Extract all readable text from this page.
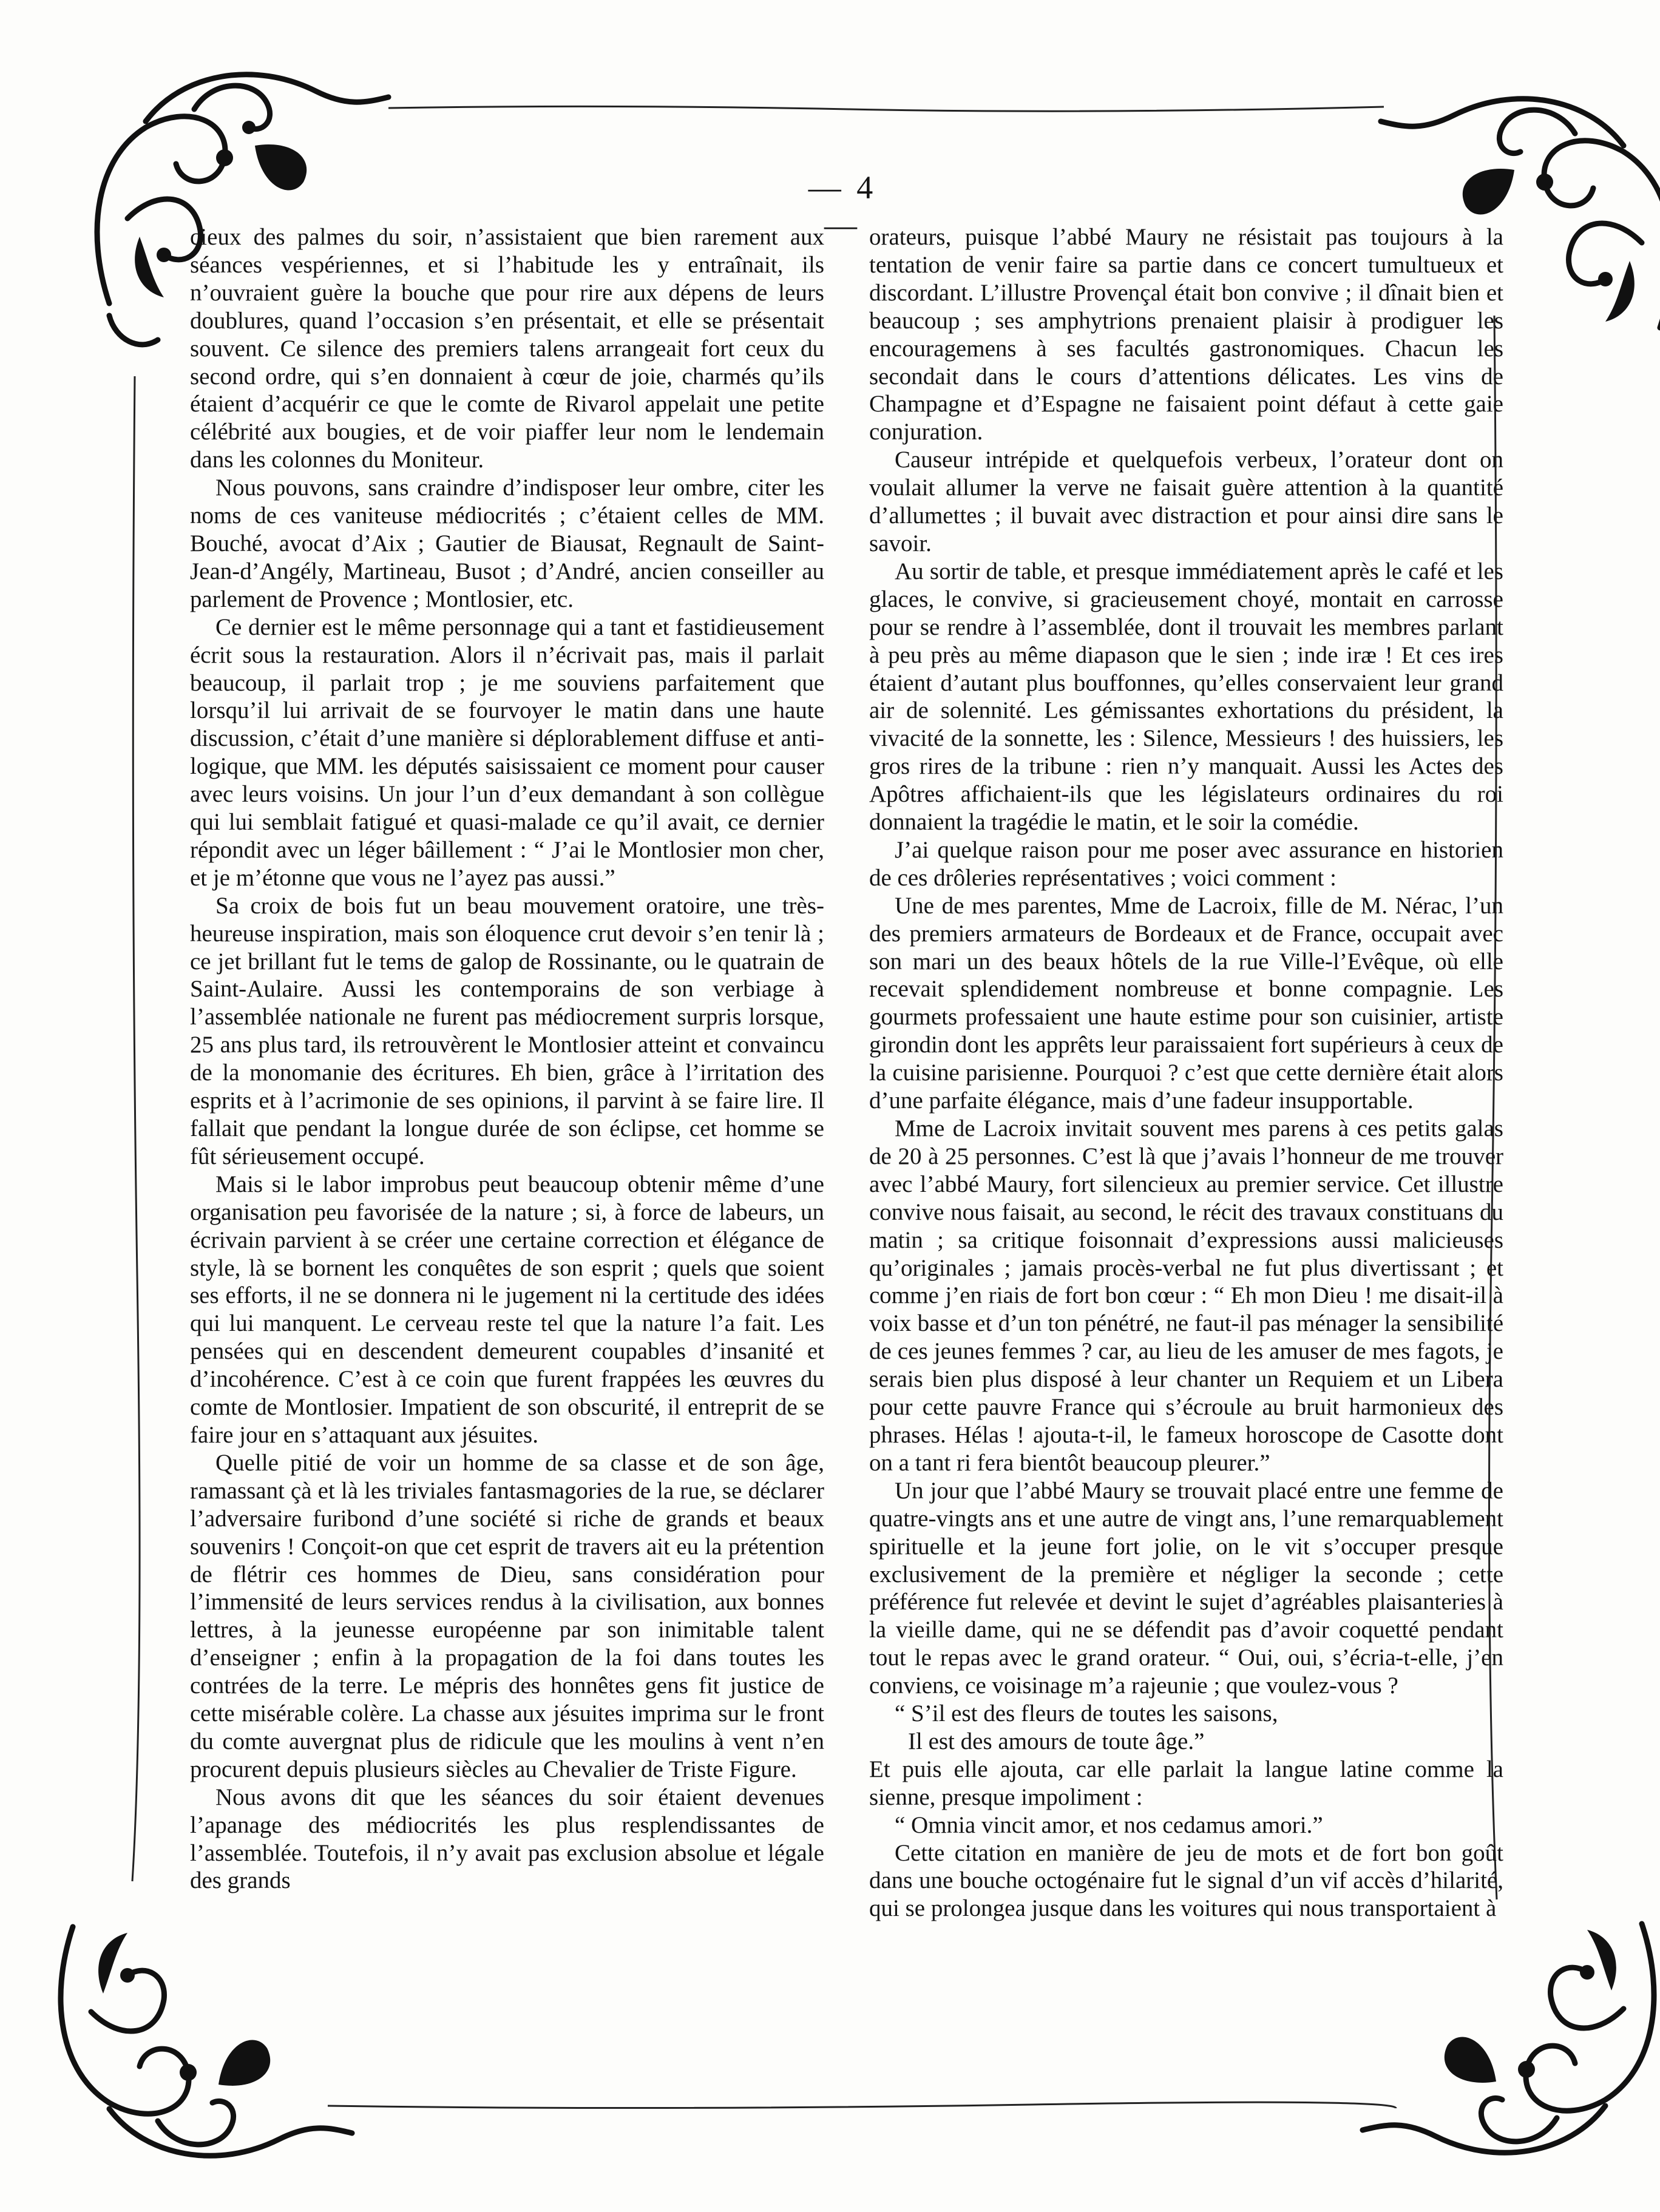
— 4 —

cieux des palmes du soir, n’assistaient que bien rarement aux séances vespériennes, et si l’habitude les y entraînait, ils n’ouvraient guère la bouche que pour rire aux dépens de leurs doublures, quand l’occasion s’en présentait, et elle se présentait souvent. Ce silence des premiers talens arrangeait fort ceux du second ordre, qui s’en donnaient à cœur de joie, charmés qu’ils étaient d’acquérir ce que le comte de Rivarol appelait une petite célébrité aux bougies, et de voir piaffer leur nom le lendemain dans les colonnes du Moniteur.

Nous pouvons, sans craindre d’indisposer leur ombre, citer les noms de ces vaniteuse médiocrités ; c’étaient celles de MM. Bouché, avocat d’Aix ; Gautier de Biausat, Regnault de Saint-Jean-d’Angély, Martineau, Busot ; d’André, ancien conseiller au parlement de Provence ; Montlosier, etc.

Ce dernier est le même personnage qui a tant et fastidieusement écrit sous la restauration. Alors il n’écrivait pas, mais il parlait beaucoup, il parlait trop ; je me souviens parfaitement que lorsqu’il lui arrivait de se fourvoyer le matin dans une haute discussion, c’était d’une manière si déplorablement diffuse et anti-logique, que MM. les députés saisissaient ce moment pour causer avec leurs voisins. Un jour l’un d’eux demandant à son collègue qui lui semblait fatigué et quasi-malade ce qu’il avait, ce dernier répondit avec un léger bâillement : “ J’ai le Montlosier mon cher, et je m’étonne que vous ne l’ayez pas aussi.”

Sa croix de bois fut un beau mouvement oratoire, une très-heureuse inspiration, mais son éloquence crut devoir s’en tenir là ; ce jet brillant fut le tems de galop de Rossinante, ou le quatrain de Saint-Aulaire. Aussi les contemporains de son verbiage à l’assemblée nationale ne furent pas médiocrement surpris lorsque, 25 ans plus tard, ils retrouvèrent le Montlosier atteint et convaincu de la monomanie des écritures. Eh bien, grâce à l’irritation des esprits et à l’acrimonie de ses opinions, il parvint à se faire lire. Il fallait que pendant la longue durée de son éclipse, cet homme se fût sérieusement occupé.

Mais si le labor improbus peut beaucoup obtenir même d’une organisation peu favorisée de la nature ; si, à force de labeurs, un écrivain parvient à se créer une certaine correction et élégance de style, là se bornent les conquêtes de son esprit ; quels que soient ses efforts, il ne se donnera ni le jugement ni la certitude des idées qui lui manquent. Le cerveau reste tel que la nature l’a fait. Les pensées qui en descendent demeurent coupables d’insanité et d’incohérence. C’est à ce coin que furent frappées les œuvres du comte de Montlosier. Impatient de son obscurité, il entreprit de se faire jour en s’attaquant aux jésuites.

Quelle pitié de voir un homme de sa classe et de son âge, ramassant çà et là les triviales fantasmagories de la rue, se déclarer l’adversaire furibond d’une société si riche de grands et beaux souvenirs ! Conçoit-on que cet esprit de travers ait eu la prétention de flétrir ces hommes de Dieu, sans considération pour l’immensité de leurs services rendus à la civilisation, aux bonnes lettres, à la jeunesse européenne par son inimitable talent d’enseigner ; enfin à la propagation de la foi dans toutes les contrées de la terre. Le mépris des honnêtes gens fit justice de cette misérable colère. La chasse aux jésuites imprima sur le front du comte auvergnat plus de ridicule que les moulins à vent n’en procurent depuis plusieurs siècles au Chevalier de Triste Figure.

Nous avons dit que les séances du soir étaient devenues l’apanage des médiocrités les plus resplendissantes de l’assemblée. Toutefois, il n’y avait pas exclusion absolue et légale des grands

orateurs, puisque l’abbé Maury ne résistait pas toujours à la tentation de venir faire sa partie dans ce concert tumultueux et discordant. L’illustre Provençal était bon convive ; il dînait bien et beaucoup ; ses amphytrions prenaient plaisir à prodiguer les encouragemens à ses facultés gastronomiques. Chacun les secondait dans le cours d’attentions délicates. Les vins de Champagne et d’Espagne ne faisaient point défaut à cette gaie conjuration.

Causeur intrépide et quelquefois verbeux, l’orateur dont on voulait allumer la verve ne faisait guère attention à la quantité d’allumettes ; il buvait avec distraction et pour ainsi dire sans le savoir.

Au sortir de table, et presque immédiatement après le café et les glaces, le convive, si gracieusement choyé, montait en carrosse pour se rendre à l’assemblée, dont il trouvait les membres parlant à peu près au même diapason que le sien ; inde iræ ! Et ces ires étaient d’autant plus bouffonnes, qu’elles conservaient leur grand air de solennité. Les gémissantes exhortations du président, la vivacité de la sonnette, les : Silence, Messieurs ! des huissiers, les gros rires de la tribune : rien n’y manquait. Aussi les Actes des Apôtres affichaient-ils que les législateurs ordinaires du roi donnaient la tragédie le matin, et le soir la comédie.

J’ai quelque raison pour me poser avec assurance en historien de ces drôleries représentatives ; voici comment :

Une de mes parentes, Mme de Lacroix, fille de M. Nérac, l’un des premiers armateurs de Bordeaux et de France, occupait avec son mari un des beaux hôtels de la rue Ville-l’Evêque, où elle recevait splendidement nombreuse et bonne compagnie. Les gourmets professaient une haute estime pour son cuisinier, artiste girondin dont les apprêts leur paraissaient fort supérieurs à ceux de la cuisine parisienne. Pourquoi ? c’est que cette dernière était alors d’une parfaite élégance, mais d’une fadeur insupportable.

Mme de Lacroix invitait souvent mes parens à ces petits galas de 20 à 25 personnes. C’est là que j’avais l’honneur de me trouver avec l’abbé Maury, fort silencieux au premier service. Cet illustre convive nous faisait, au second, le récit des travaux constituans du matin ; sa critique foisonnait d’expressions aussi malicieuses qu’originales ; jamais procès-verbal ne fut plus divertissant ; et comme j’en riais de fort bon cœur : “ Eh mon Dieu ! me disait-il à voix basse et d’un ton pénétré, ne faut-il pas ménager la sensibilité de ces jeunes femmes ? car, au lieu de les amuser de mes fagots, je serais bien plus disposé à leur chanter un Requiem et un Libera pour cette pauvre France qui s’écroule au bruit harmonieux des phrases. Hélas ! ajouta-t-il, le fameux horoscope de Casotte dont on a tant ri fera bientôt beaucoup pleurer.”

Un jour que l’abbé Maury se trouvait placé entre une femme de quatre-vingts ans et une autre de vingt ans, l’une remarquablement spirituelle et la jeune fort jolie, on le vit s’occuper presque exclusivement de la première et négliger la seconde ; cette préférence fut relevée et devint le sujet d’agréables plaisanteries à la vieille dame, qui ne se défendit pas d’avoir coquetté pendant tout le repas avec le grand orateur. “ Oui, oui, s’écria-t-elle, j’en conviens, ce voisinage m’a rajeunie ; que voulez-vous ?

“ S’il est des fleurs de toutes les saisons,

Il est des amours de toute âge.”

Et puis elle ajouta, car elle parlait la langue latine comme la sienne, presque impoliment :

“ Omnia vincit amor, et nos cedamus amori.”

Cette citation en manière de jeu de mots et de fort bon goût dans une bouche octogénaire fut le signal d’un vif accès d’hilarité, qui se prolongea jusque dans les voitures qui nous transportaient à
